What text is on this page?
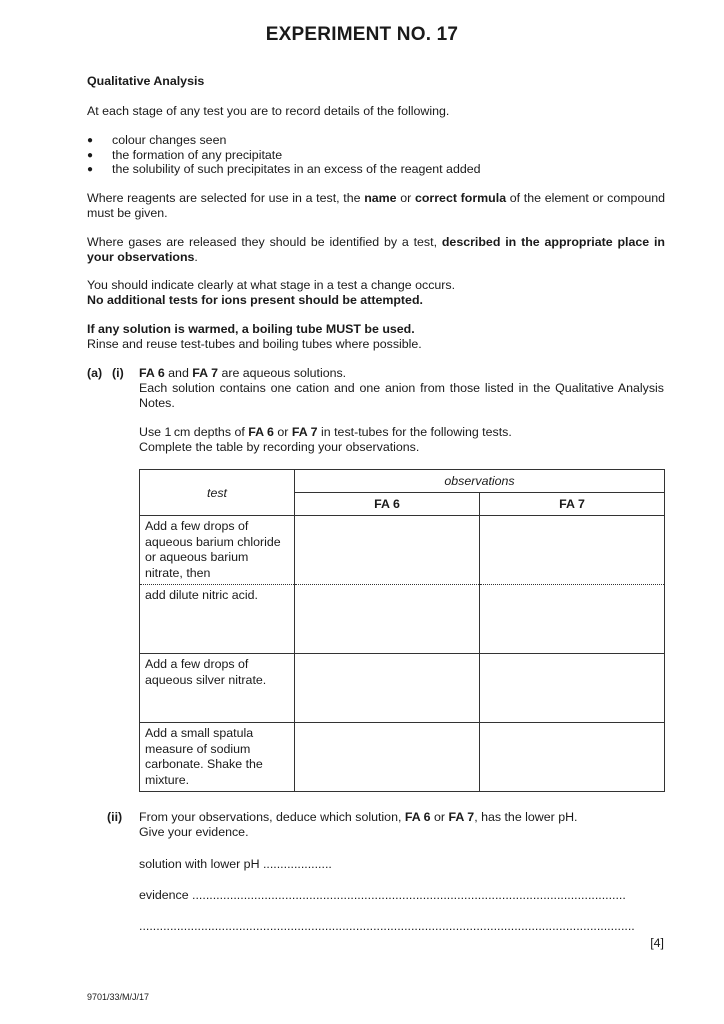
EXPERIMENT NO. 17
Qualitative Analysis
At each stage of any test you are to record details of the following.
● colour changes seen
● the formation of any precipitate
● the solubility of such precipitates in an excess of the reagent added
Where reagents are selected for use in a test, the name or correct formula of the element or compound must be given.
Where gases are released they should be identified by a test, described in the appropriate place in your observations.
You should indicate clearly at what stage in a test a change occurs.
No additional tests for ions present should be attempted.
If any solution is warmed, a boiling tube MUST be used.
Rinse and reuse test-tubes and boiling tubes where possible.
(a) (i) FA 6 and FA 7 are aqueous solutions.
Each solution contains one cation and one anion from those listed in the Qualitative Analysis Notes.
Use 1 cm depths of FA 6 or FA 7 in test-tubes for the following tests.
Complete the table by recording your observations.
test	observations	
	FA 6	FA 7

Add a few drops of aqueous barium chloride or aqueous barium nitrate, then		

add dilute nitric acid.		

Add a few drops of aqueous silver nitrate.		

Add a small spatula measure of sodium carbonate. Shake the mixture.		

(ii) From your observations, deduce which solution, FA 6 or FA 7, has the lower pH.
Give your evidence.
solution with lower pH ....................
evidence ..............................................................................................................................
................................................................................................................................................
[4]
9701/33/M/J/17
